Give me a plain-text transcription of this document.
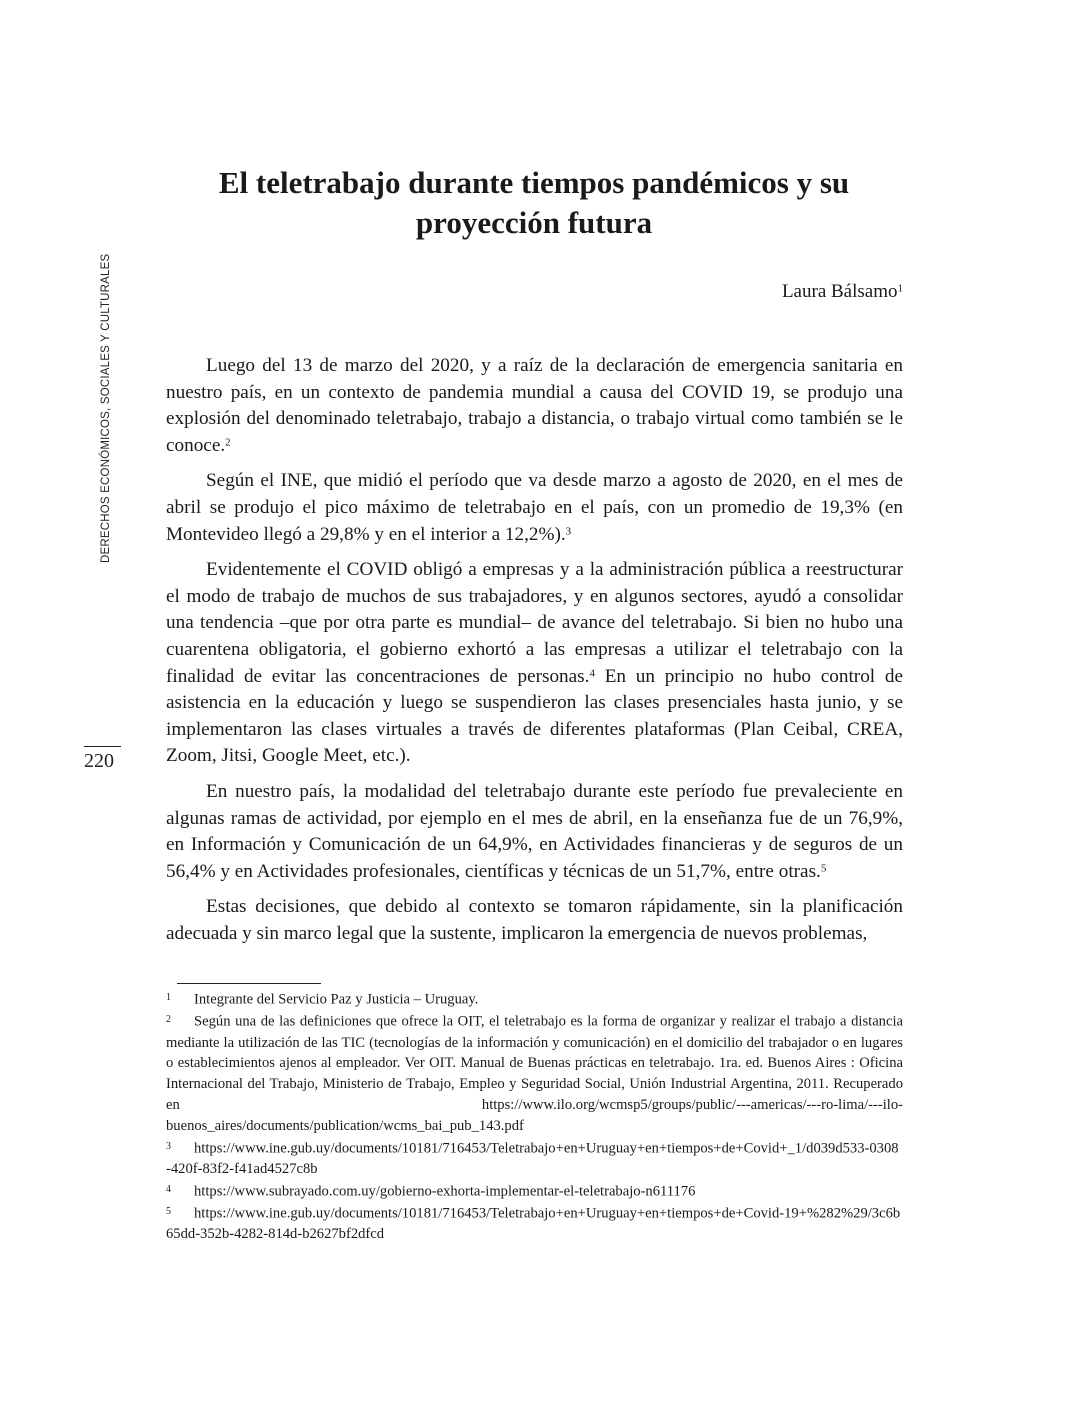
DERECHOS ECONÓMICOS, SOCIALES Y CULTURALES
220
El teletrabajo durante tiempos pandémicos y su proyección futura
Laura Bálsamo$^1$

Luego del 13 de marzo del 2020, y a raíz de la declaración de emergencia sanitaria en nuestro país, en un contexto de pandemia mundial a causa del COVID 19, se produjo una explosión del denominado teletrabajo, trabajo a distancia, o trabajo virtual como también se le conoce.$^2$

Según el INE, que midió el período que va desde marzo a agosto de 2020, en el mes de abril se produjo el pico máximo de teletrabajo en el país, con un promedio de 19,3% (en Montevideo llegó a 29,8% y en el interior a 12,2%).$^3$

Evidentemente el COVID obligó a empresas y a la administración pública a reestructurar el modo de trabajo de muchos de sus trabajadores, y en algunos sectores, ayudó a consolidar una tendencia –que por otra parte es mundial– de avance del teletrabajo. Si bien no hubo una cuarentena obligatoria, el gobierno exhortó a las empresas a utilizar el teletrabajo con la finalidad de evitar las concentraciones de personas.$^4$ En un principio no hubo control de asistencia en la educación y luego se suspendieron las clases presenciales hasta junio, y se implementaron las clases virtuales a través de diferentes plataformas (Plan Ceibal, CREA, Zoom, Jitsi, Google Meet, etc.).

En nuestro país, la modalidad del teletrabajo durante este período fue prevaleciente en algunas ramas de actividad, por ejemplo en el mes de abril, en la enseñanza fue de un 76,9%, en Información y Comunicación de un 64,9%, en Actividades financieras y de seguros de un 56,4% y en Actividades profesionales, científicas y técnicas de un 51,7%, entre otras.$^5$

Estas decisiones, que debido al contexto se tomaron rápidamente, sin la planificación adecuada y sin marco legal que la sustente, implicaron la emergencia de nuevos problemas,

1 Integrante del Servicio Paz y Justicia – Uruguay.

2 Según una de las definiciones que ofrece la OIT, el teletrabajo es la forma de organizar y realizar el trabajo a distancia mediante la utilización de las TIC (tecnologías de la información y comunicación) en el domicilio del trabajador o en lugares o establecimientos ajenos al empleador. Ver OIT. Manual de Buenas prácticas en teletrabajo. 1ra. ed. Buenos Aires : Oficina Internacional del Trabajo, Ministerio de Trabajo, Empleo y Seguridad Social, Unión Industrial Argentina, 2011. Recuperado en https://www.ilo.org/wcmsp5/groups/public/---americas/---ro-lima/---ilo-buenos_aires/documents/publication/wcms_bai_pub_143.pdf

3 https://www.ine.gub.uy/documents/10181/716453/Teletrabajo+en+Uruguay+en+tiempos+de+Covid+_1/d039d533-0308-420f-83f2-f41ad4527c8b

4 https://www.subrayado.com.uy/gobierno-exhorta-implementar-el-teletrabajo-n611176

5 https://www.ine.gub.uy/documents/10181/716453/Teletrabajo+en+Uruguay+en+tiempos+de+Covid-19+%282%29/3c6b65dd-352b-4282-814d-b2627bf2dfcd
